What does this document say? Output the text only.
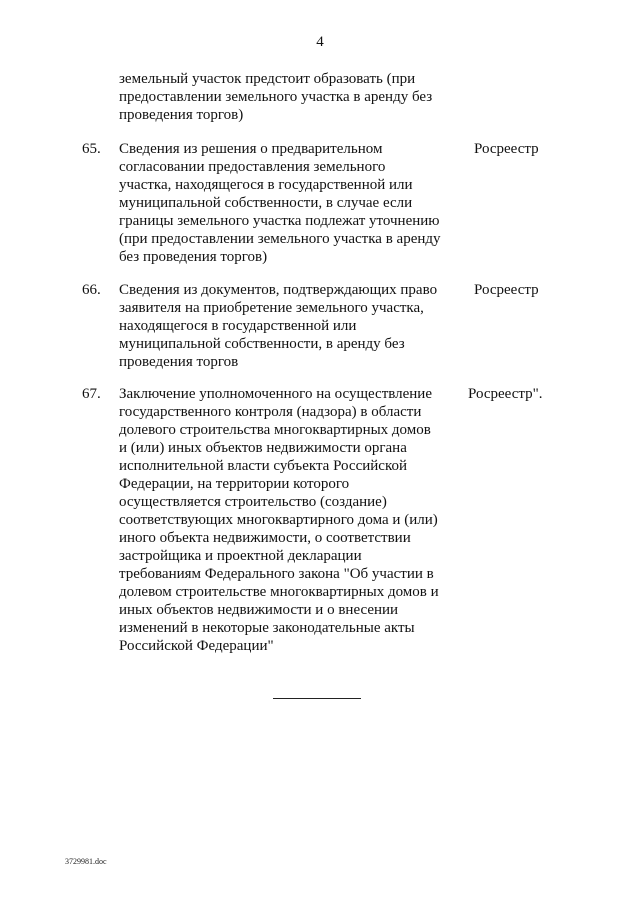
4
земельный участок предстоит образовать (при
предоставлении земельного участка в аренду без
проведения торгов)
65.	Сведения из решения о предварительном
согласовании предоставления земельного
участка, находящегося в государственной или
муниципальной собственности, в случае если
границы земельного участка подлежат уточнению
(при предоставлении земельного участка в аренду
без проведения торгов)
Росреестр
66.	Сведения из документов, подтверждающих право
заявителя на приобретение земельного участка,
находящегося в государственной или
муниципальной собственности, в аренду без
проведения торгов
Росреестр
67.	Заключение уполномоченного на осуществление
государственного контроля (надзора) в области
долевого строительства многоквартирных домов
и (или) иных объектов недвижимости органа
исполнительной власти субъекта Российской
Федерации, на территории которого
осуществляется строительство (создание)
соответствующих многоквартирного дома и (или)
иного объекта недвижимости, о соответствии
застройщика и проектной декларации
требованиям Федерального закона "Об участии в
долевом строительстве многоквартирных домов и
иных объектов недвижимости и о внесении
изменений в некоторые законодательные акты
Российской Федерации"
Росреестр".
3729981.doc
